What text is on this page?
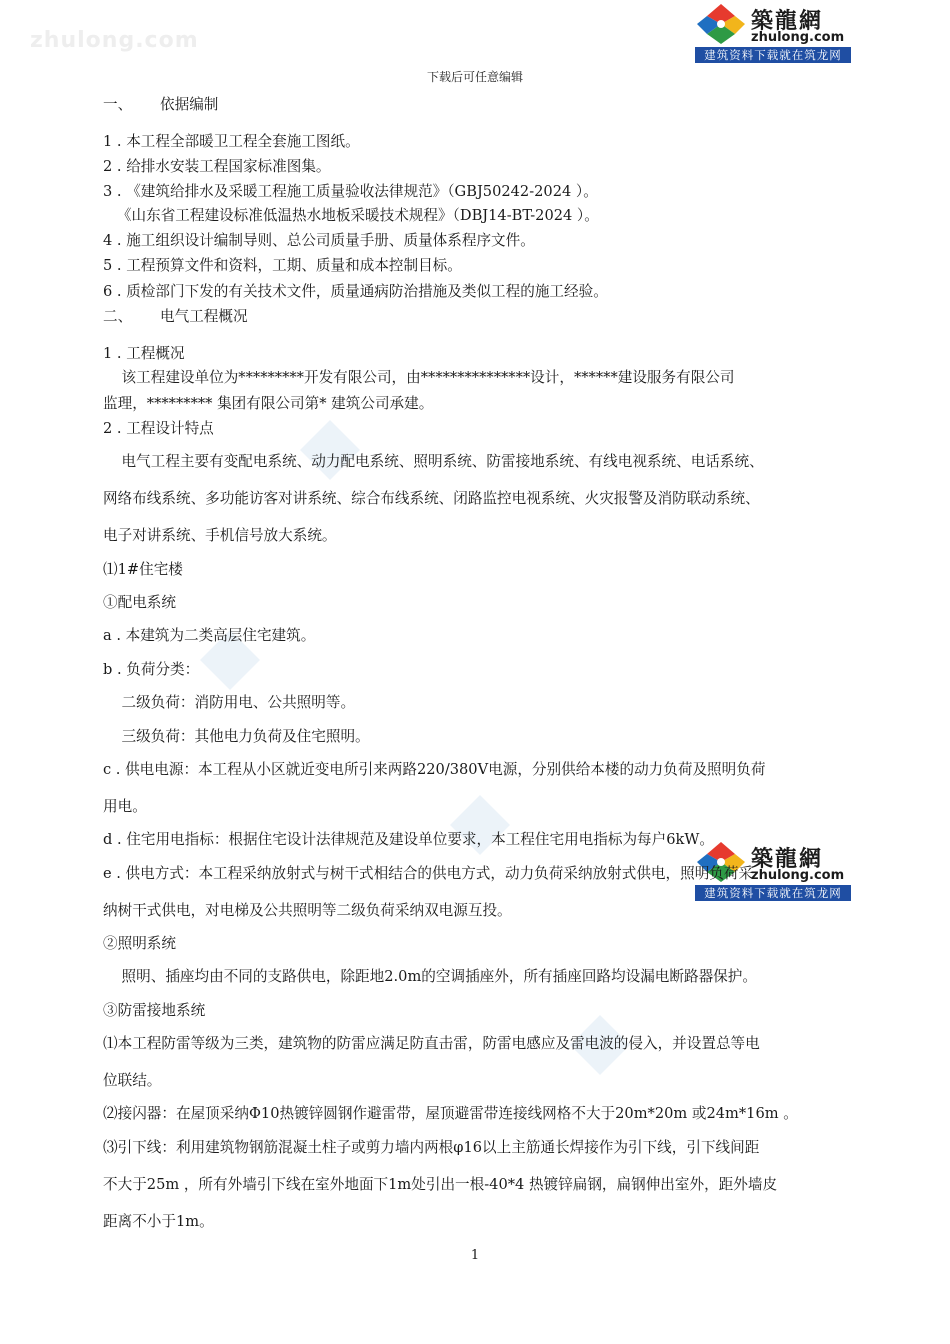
zhulong.com
築龍網
zhulong.com
建筑资料下载就在筑龙网
築龍網
zhulong.com
建筑资料下载就在筑龙网
下载后可任意编辑
一、      依据编制
1 . 本工程全部暖卫工程全套施工图纸。
2 . 给排水安装工程国家标准图集。
3 . 《建筑给排水及采暖工程施工质量验收法律规范》（GBJ50242-2024 ）。
《山东省工程建设标准低温热水地板采暖技术规程》（DBJ14-BT-2024 ）。
4 . 施工组织设计编制导则、总公司质量手册、质量体系程序文件。
5 . 工程预算文件和资料，工期、质量和成本控制目标。
6 . 质检部门下发的有关技术文件，质量通病防治措施及类似工程的施工经验。
二、      电气工程概况
1 . 工程概况
该工程建设单位为*********开发有限公司，由***************设计，******建设服务有限公司
监理，********* 集团有限公司第* 建筑公司承建。
2 . 工程设计特点
电气工程主要有变配电系统、动力配电系统、照明系统、防雷接地系统、有线电视系统、电话系统、
网络布线系统、多功能访客对讲系统、综合布线系统、闭路监控电视系统、火灾报警及消防联动系统、
电子对讲系统、手机信号放大系统。
⑴1#住宅楼
①配电系统
a . 本建筑为二类高层住宅建筑。
b . 负荷分类：
二级负荷：消防用电、公共照明等。
三级负荷：其他电力负荷及住宅照明。
c . 供电电源：本工程从小区就近变电所引来两路220/380V电源，分别供给本楼的动力负荷及照明负荷
用电。
d . 住宅用电指标：根据住宅设计法律规范及建设单位要求，本工程住宅用电指标为每户6kW。
e . 供电方式：本工程采纳放射式与树干式相结合的供电方式，动力负荷采纳放射式供电，照明负荷采
纳树干式供电，对电梯及公共照明等二级负荷采纳双电源互投。
②照明系统
照明、插座均由不同的支路供电，除距地2.0m的空调插座外，所有插座回路均设漏电断路器保护。
③防雷接地系统
⑴本工程防雷等级为三类，建筑物的防雷应满足防直击雷，防雷电感应及雷电波的侵入，并设置总等电
位联结。
⑵接闪器：在屋顶采纳Φ10热镀锌圆钢作避雷带，屋顶避雷带连接线网格不大于20m*20m 或24m*16m 。
⑶引下线：利用建筑物钢筋混凝土柱子或剪力墙内两根φ16以上主筋通长焊接作为引下线，引下线间距
不大于25m ，所有外墙引下线在室外地面下1m处引出一根-40*4 热镀锌扁钢，扁钢伸出室外，距外墙皮
距离不小于1m。
1
